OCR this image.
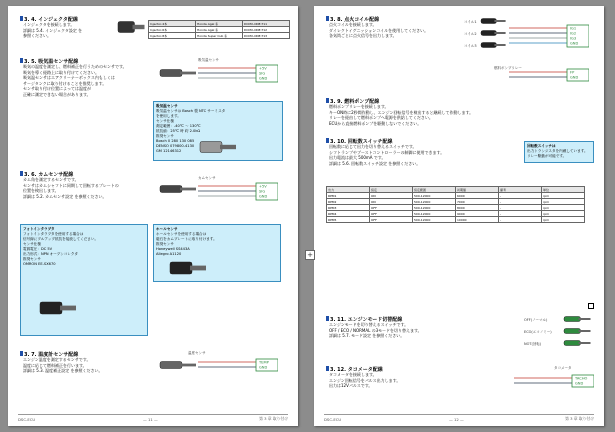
3. 4. インジェクタ配線
インジェクタを接続します。
詳細は 5.4. インジェクタ設定 を
参照ください。
Injector-4本	Honda Agal 系	DCMX-ONE-T11
Injector-6本	Honda Agal 系	DCMX-ONE-T12
Injector-8本	Honda Super Cub 系	DCMX-ONE-T13
3. 5. 吸気温センサ配線
吸気の温度を測定し、燃料補正を行うためのセンサです。
吸気を導く経路上に取り付けてください。
吸気温センサはエアクリーナーボックス内もしくは
サージタンクに取り付けることを推奨します。
センサ取り付け位置によっては温度が
正確に測定できない場合があります。
吸気温センサ
+5V
SIG
GND
吸気温センサ
吸気温センサは Bosch 製 NTC サーミスタ
を使用します。
センサ仕様
測定範囲：-40℃ ～ 130℃
抵抗値：25℃ 時 約 2.0kΩ
推奨センサ
Bosch 0 280 130 085
DENSO 079800-4130
GM 12146312
3. 6. カムセンサ配線
カム角を測定するセンサです。
センサはカムシャフトに同期して回転するプレートの
位置を検出します。
詳細は 5.2. カムセンサ設定 を参照ください。
カムセンサ
+5V
SIG
GND
フォトインタラプタ
フォトインタラプタを使用する場合は
信号線にプルアップ抵抗を接続してください。
センサ仕様
電源電圧：DC 5V
出力形式：NPN オープンコレクタ
推奨センサ
OMRON EE-SX670
ホールセンサ
ホールセンサを使用する場合は
磁石をカムプレートに取り付けます。
推奨センサ
Honeywell SS443A
Allegro A1120
3. 7. 温度計センサ配線
エンジン温度を測定するセンサです。
温度に応じて燃料補正を行います。
詳細は 5.3. 温度補正設定 を参照ください。
温度センサ
TEMP
GND
DSC-ECU	— 11 —	第 3 章 取り付け
3. 8. 点火コイル配線
点火コイルを接続します。
ダイレクトイグニッションコイルを使用してください。
各気筒ごとに点火信号を出力します。
コイル1
コイル2
コイル3
IG1
IG2
IG3
GND
燃料ポンプリレー
FP
GND
3. 9. 燃料ポンプ配線
燃料ポンプリレーを接続します。
キーON時に2秒間作動し、エンジン回転信号を検出すると継続して作動します。
リレーを経由して燃料ポンプへ電源を供給してください。
ECUから直接燃料ポンプを駆動しないでください。
3. 10. 回転数スイッチ配線
回転数に応じて出力を切り替えるスイッチです。
シフトランプやブーストコントローラーの制御に使用できます。
出力電流は最大 500mA です。
詳細は 5.6. 回転数スイッチ設定 を参照ください。
回転数スイッチは
出力トランジスタを内蔵しています。
リレー駆動が可能です。
出力	設定	設定範囲	初期値	備考	単位
RPM1	ON	500-12000	6000	-	rpm
RPM2	ON	500-12000	7000	-	rpm
RPM3	OFF	500-12000	8000	-	rpm
RPM4	OFF	500-12000	9000	-	rpm
RPM5	OFF	500-12000	10000	-	rpm
3. 11. エンジンモード切替配線
エンジンモードを切り替えるスイッチです。
OFF / ECO / NORMAL の3モードを切り替えます。
詳細は 5.7. モード設定 を参照ください。
OFF(ノーマル)
ECO(エコノミー)
NOT(回転)
3. 12. タコメータ配線
タコメータを接続します。
エンジン回転信号をパルス出力します。
出力は12Vパルスです。
タコメータ
TACHO
GND
DSC-ECU	— 12 —	第 3 章 取り付け
+
